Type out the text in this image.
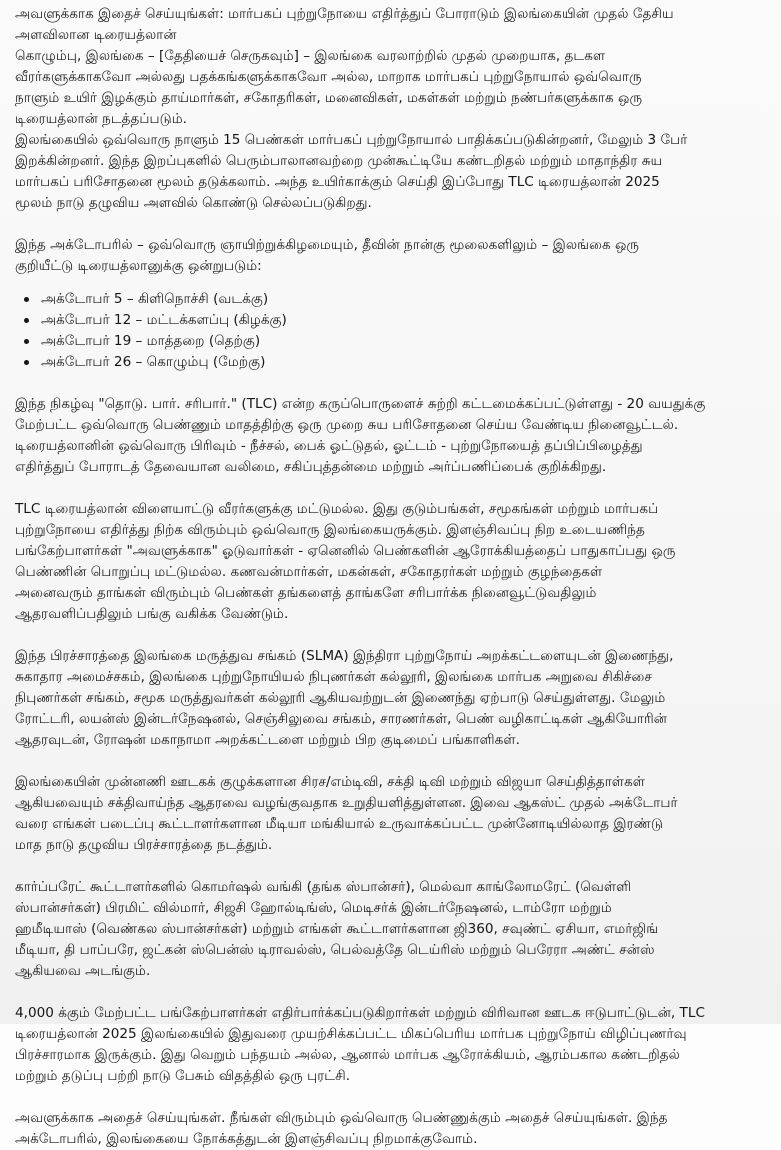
அவளுக்காக இதைச் செய்யுங்கள்: மார்பகப் புற்றுநோயை எதிர்த்துப் போராடும் இலங்கையின் முதல் தேசிய
அளவிலான டிரையத்லான்

கொழும்பு, இலங்கை – [தேதியைச் செருகவும்] – இலங்கை வரலாற்றில் முதல் முறையாக, தடகள
வீரர்களுக்காகவோ அல்லது பதக்கங்களுக்காகவோ அல்ல, மாறாக மார்பகப் புற்றுநோயால் ஒவ்வொரு
நாளும் உயிர் இழக்கும் தாய்மார்கள், சகோதரிகள், மனைவிகள், மகள்கள் மற்றும் நண்பர்களுக்காக ஒரு
டிரையத்லான் நடத்தப்படும்.

இலங்கையில் ஒவ்வொரு நாளும் 15 பெண்கள் மார்பகப் புற்றுநோயால் பாதிக்கப்படுகின்றனர், மேலும் 3 பேர்
இறக்கின்றனர். இந்த இறப்புகளில் பெரும்பாலானவற்றை முன்கூட்டியே கண்டறிதல் மற்றும் மாதாந்திர சுய
மார்பகப் பரிசோதனை மூலம் தடுக்கலாம். அந்த உயிர்காக்கும் செய்தி இப்போது TLC டிரையத்லான் 2025
மூலம் நாடு தழுவிய அளவில் கொண்டு செல்லப்படுகிறது.

இந்த அக்டோபரில் – ஒவ்வொரு ஞாயிற்றுக்கிழமையும், தீவின் நான்கு மூலைகளிலும் – இலங்கை ஒரு
குறியீட்டு டிரையத்லானுக்கு ஒன்றுபடும்:

அக்டோபர் 5 – கிளிநொச்சி (வடக்கு)
அக்டோபர் 12 – மட்டக்களப்பு (கிழக்கு)
அக்டோபர் 19 – மாத்தறை (தெற்கு)
அக்டோபர் 26 – கொழும்பு (மேற்கு)

இந்த நிகழ்வு "தொடு. பார். சரிபார்." (TLC) என்ற கருப்பொருளைச் சுற்றி கட்டமைக்கப்பட்டுள்ளது - 20 வயதுக்கு
மேற்பட்ட ஒவ்வொரு பெண்ணும் மாதத்திற்கு ஒரு முறை சுய பரிசோதனை செய்ய வேண்டிய நினைவூட்டல்.
டிரையத்லானின் ஒவ்வொரு பிரிவும் - நீச்சல், பைக் ஓட்டுதல், ஓட்டம் - புற்றுநோயைத் தப்பிப்பிழைத்து
எதிர்த்துப் போராடத் தேவையான வலிமை, சகிப்புத்தன்மை மற்றும் அர்ப்பணிப்பைக் குறிக்கிறது.

TLC டிரையத்லான் விளையாட்டு வீரர்களுக்கு மட்டுமல்ல. இது குடும்பங்கள், சமூகங்கள் மற்றும் மார்பகப்
புற்றுநோயை எதிர்த்து நிற்க விரும்பும் ஒவ்வொரு இலங்கையருக்கும். இளஞ்சிவப்பு நிற உடையணிந்த
பங்கேற்பாளர்கள் "அவளுக்காக" ஓடுவார்கள் - ஏனெனில் பெண்களின் ஆரோக்கியத்தைப் பாதுகாப்பது ஒரு
பெண்ணின் பொறுப்பு மட்டுமல்ல. கணவன்மார்கள், மகன்கள், சகோதரர்கள் மற்றும் குழந்தைகள்
அனைவரும் தாங்கள் விரும்பும் பெண்கள் தங்களைத் தாங்களே சரிபார்க்க நினைவூட்டுவதிலும்
ஆதரவளிப்பதிலும் பங்கு வகிக்க வேண்டும்.

இந்த பிரச்சாரத்தை இலங்கை மருத்துவ சங்கம் (SLMA) இந்திரா புற்றுநோய் அறக்கட்டளையுடன் இணைந்து,
சுகாதார அமைச்சகம், இலங்கை புற்றுநோயியல் நிபுணர்கள் கல்லூரி, இலங்கை மார்பக அறுவை சிகிச்சை
நிபுணர்கள் சங்கம், சமூக மருத்துவர்கள் கல்லூரி ஆகியவற்றுடன் இணைந்து ஏற்பாடு செய்துள்ளது. மேலும்
ரோட்டரி, லயன்ஸ் இன்டர்நேஷனல், செஞ்சிலுவை சங்கம், சாரணர்கள், பெண் வழிகாட்டிகள் ஆகியோரின்
ஆதரவுடன், ரோஷன் மகாநாமா அறக்கட்டளை மற்றும் பிற குடிமைப் பங்காளிகள்.

இலங்கையின் முன்னணி ஊடகக் குழுக்களான சிரச/எம்டிவி, சக்தி டிவி மற்றும் விஜயா செய்தித்தாள்கள்
ஆகியவையும் சக்திவாய்ந்த ஆதரவை வழங்குவதாக உறுதியளித்துள்ளன. இவை ஆகஸ்ட் முதல் அக்டோபர்
வரை எங்கள் படைப்பு கூட்டாளர்களான மீடியா மங்கியால் உருவாக்கப்பட்ட முன்னோடியில்லாத இரண்டு
மாத நாடு தழுவிய பிரச்சாரத்தை நடத்தும்.

கார்ப்பரேட் கூட்டாளர்களில் கொமர்ஷல் வங்கி (தங்க ஸ்பான்சர்), மெல்வா காங்லோமரேட் (வெள்ளி
ஸ்பான்சர்கள்) பிரமிட் வில்மார், சிஜசி ஹோல்டிங்ஸ், மெடிசர்க் இன்டர்நேஷனல், டாம்ரோ மற்றும்
ஹமீடியாஸ் (வெண்கல ஸ்பான்சர்கள்) மற்றும் எங்கள் கூட்டாளர்களான ஜி360, சவுண்ட் ஏசியா, எமர்ஜிங்
மீடியா, தி பாப்பரே, ஜட்கன் ஸ்பென்ஸ் டிராவல்ஸ், பெல்வத்தே டெய்ரிஸ் மற்றும் பெரேரா அண்ட் சன்ஸ்
ஆகியவை அடங்கும்.

4,000 க்கும் மேற்பட்ட பங்கேற்பாளர்கள் எதிர்பார்க்கப்படுகிறார்கள் மற்றும் விரிவான ஊடக ஈடுபாட்டுடன், TLC
டிரையத்லான் 2025 இலங்கையில் இதுவரை முயற்சிக்கப்பட்ட மிகப்பெரிய மார்பக புற்றுநோய் விழிப்புணர்வு
பிரச்சாரமாக இருக்கும். இது வெறும் பந்தயம் அல்ல, ஆனால் மார்பக ஆரோக்கியம், ஆரம்பகால கண்டறிதல்
மற்றும் தடுப்பு பற்றி நாடு பேசும் விதத்தில் ஒரு புரட்சி.

அவளுக்காக அதைச் செய்யுங்கள். நீங்கள் விரும்பும் ஒவ்வொரு பெண்ணுக்கும் அதைச் செய்யுங்கள். இந்த
அக்டோபரில், இலங்கையை நோக்கத்துடன் இளஞ்சிவப்பு நிறமாக்குவோம்.
